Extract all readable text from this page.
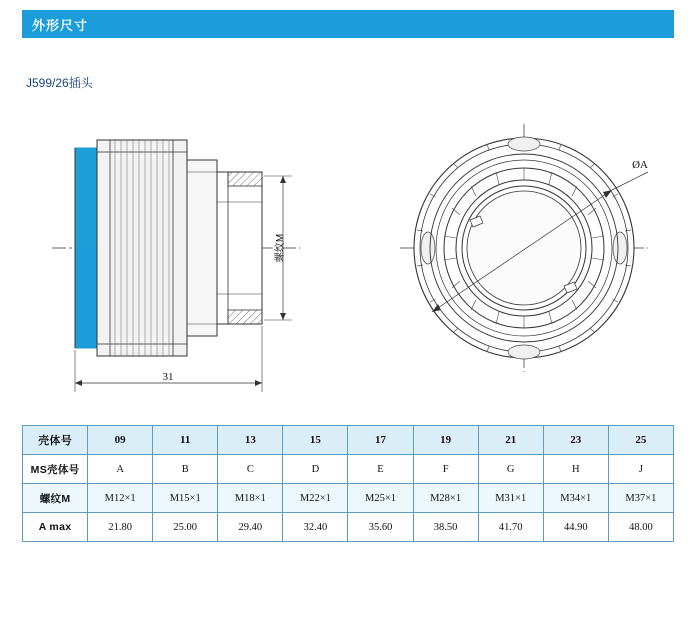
外形尺寸
J599/26插头
螺纹M
31
ØA
壳体号	09	11	13	15	17	19	21	23	25
MS壳体号	A	B	C	D	E	F	G	H	J
螺纹M	M12×1	M15×1	M18×1	M22×1	M25×1	M28×1	M31×1	M34×1	M37×1
A max	21.80	25.00	29.40	32.40	35.60	38.50	41.70	44.90	48.00
